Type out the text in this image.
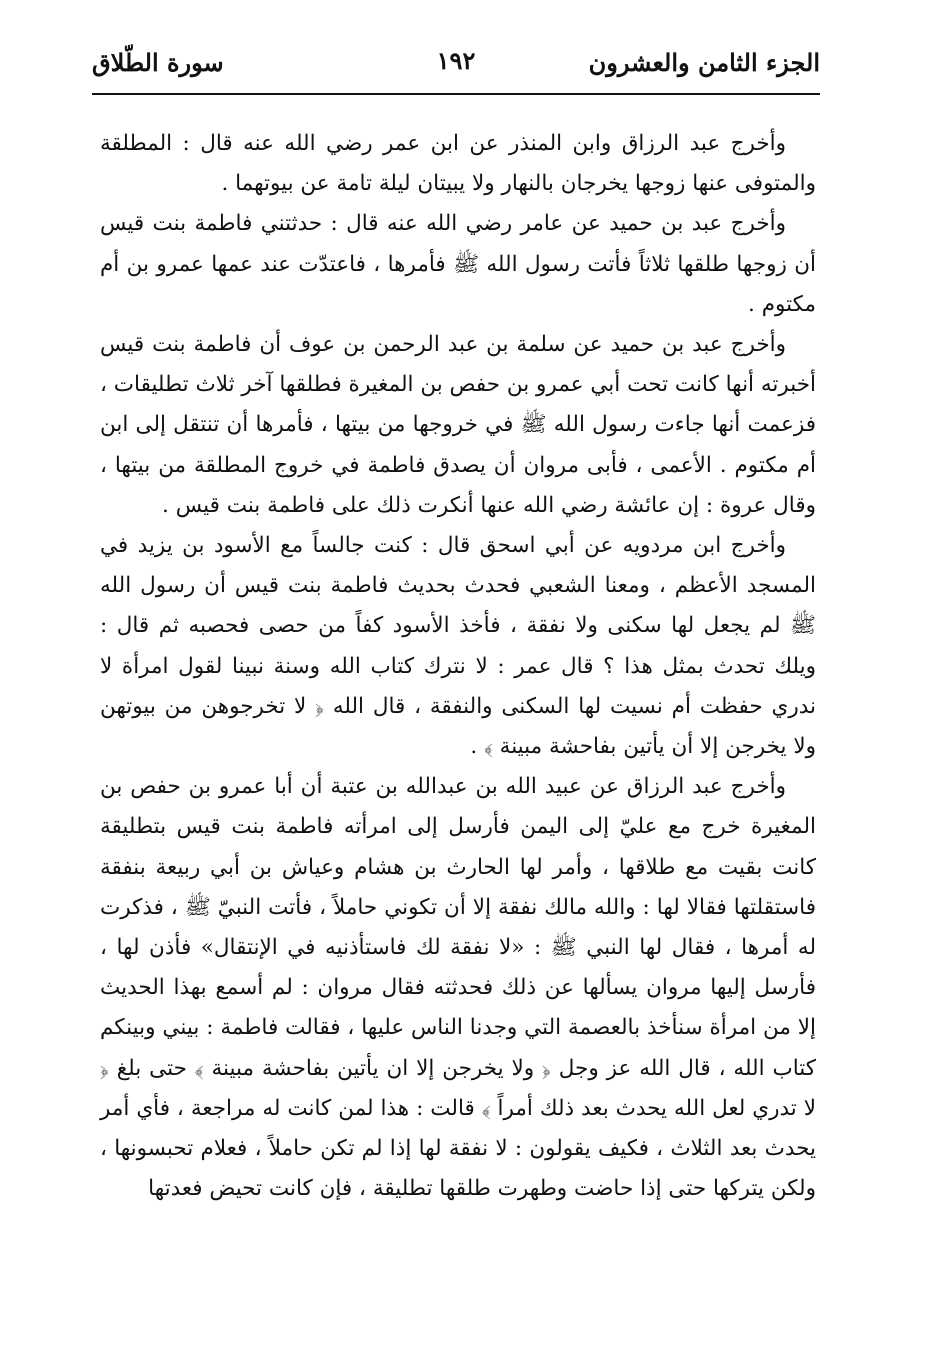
الجزء الثامن والعشرون
١٩٢
سورة الطّلاق

وأخرج عبد الرزاق وابن المنذر عن ابن عمر رضي الله عنه قال : المطلقة والمتوفى عنها زوجها يخرجان بالنهار ولا يبيتان ليلة تامة عن بيوتهما .

وأخرج عبد بن حميد عن عامر رضي الله عنه قال : حدثتني فاطمة بنت قيس أن زوجها طلقها ثلاثاً فأتت رسول الله ﷺ فأمرها ، فاعتدّت عند عمها عمرو بن أم مكتوم .

وأخرج عبد بن حميد عن سلمة بن عبد الرحمن بن عوف أن فاطمة بنت قيس أخبرته أنها كانت تحت أبي عمرو بن حفص بن المغيرة فطلقها آخر ثلاث تطليقات ، فزعمت أنها جاءت رسول الله ﷺ في خروجها من بيتها ، فأمرها أن تنتقل إلى ابن أم مكتوم . الأعمى ، فأبى مروان أن يصدق فاطمة في خروج المطلقة من بيتها ، وقال عروة : إن عائشة رضي الله عنها أنكرت ذلك على فاطمة بنت قيس .

وأخرج ابن مردويه عن أبي اسحق قال : كنت جالساً مع الأسود بن يزيد في المسجد الأعظم ، ومعنا الشعبي فحدث بحديث فاطمة بنت قيس أن رسول الله ﷺ لم يجعل لها سكنى ولا نفقة ، فأخذ الأسود كفاً من حصى فحصبه ثم قال : ويلك تحدث بمثل هذا ؟ قال عمر : لا نترك كتاب الله وسنة نبينا لقول امرأة لا ندري حفظت أم نسيت لها السكنى والنفقة ، قال الله ﴿ لا تخرجوهن من بيوتهن ولا يخرجن إلا أن يأتين بفاحشة مبينة ﴾ .

وأخرج عبد الرزاق عن عبيد الله بن عبدالله بن عتبة أن أبا عمرو بن حفص بن المغيرة خرج مع عليّ إلى اليمن فأرسل إلى امرأته فاطمة بنت قيس بتطليقة كانت بقيت مع طلاقها ، وأمر لها الحارث بن هشام وعياش بن أبي ربيعة بنفقة فاستقلتها فقالا لها : والله مالك نفقة إلا أن تكوني حاملاً ، فأتت النبيّ ﷺ ، فذكرت له أمرها ، فقال لها النبي ﷺ : «لا نفقة لك فاستأذنيه في الإنتقال» فأذن لها ، فأرسل إليها مروان يسألها عن ذلك فحدثته فقال مروان : لم أسمع بهذا الحديث إلا من امرأة سنأخذ بالعصمة التي وجدنا الناس عليها ، فقالت فاطمة : بيني وبينكم كتاب الله ، قال الله عز وجل ﴿ ولا يخرجن إلا ان يأتين بفاحشة مبينة ﴾ حتى بلغ ﴿ لا تدري لعل الله يحدث بعد ذلك أمراً ﴾ قالت : هذا لمن كانت له مراجعة ، فأي أمر يحدث بعد الثلاث ، فكيف يقولون : لا نفقة لها إذا لم تكن حاملاً ، فعلام تحبسونها ، ولكن يتركها حتى إذا حاضت وطهرت طلقها تطليقة ، فإن كانت تحيض فعدتها
